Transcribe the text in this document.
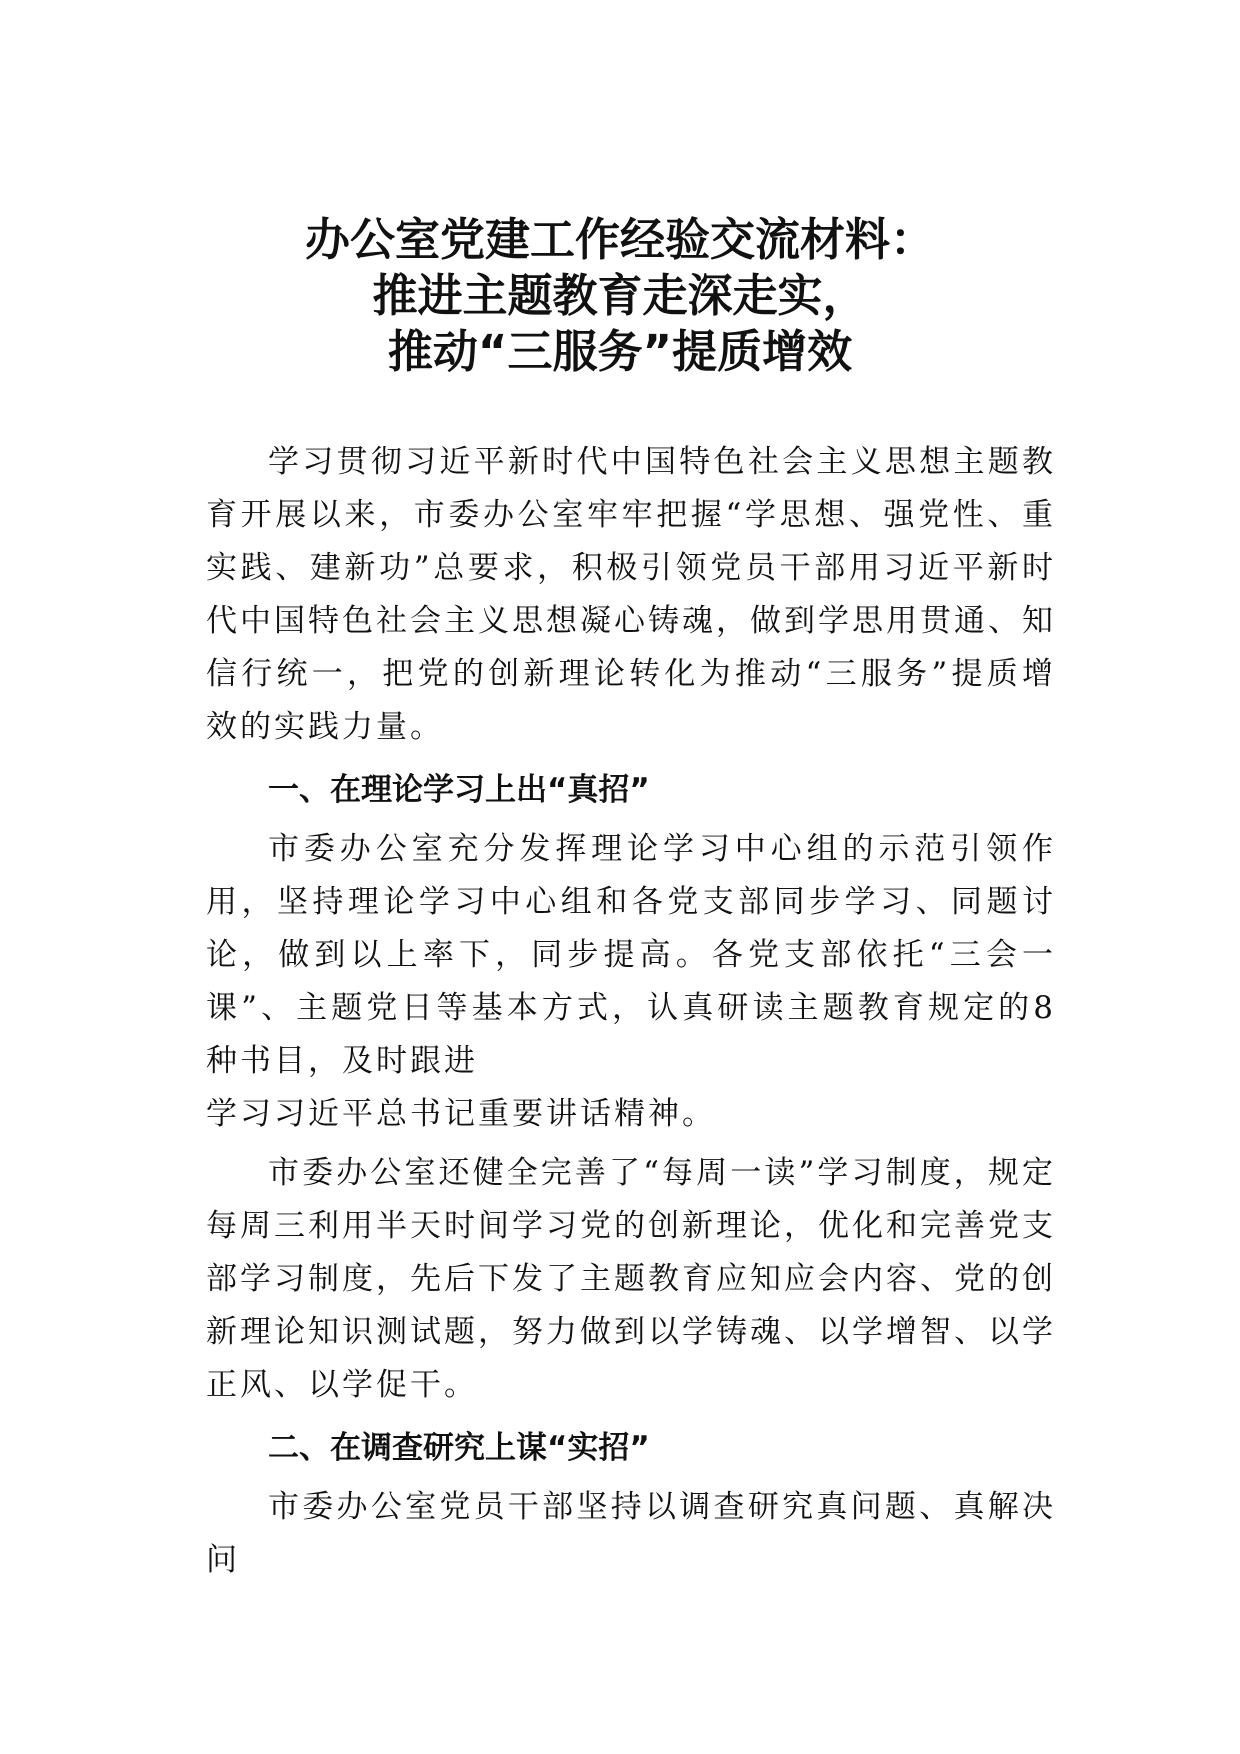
办公室党建工作经验交流材料：
推进主题教育走深走实，
推动“三服务”提质增效

学习贯彻习近平新时代中国特色社会主义思想主题教育开展以来，市委办公室牢牢把握“学思想、强党性、重实践、建新功”总要求，积极引领党员干部用习近平新时代中国特色社会主义思想凝心铸魂，做到学思用贯通、知信行统一，把党的创新理论转化为推动“三服务”提质增效的实践力量。

一、在理论学习上出“真招”

市委办公室充分发挥理论学习中心组的示范引领作用，坚持理论学习中心组和各党支部同步学习、同题讨论，做到以上率下，同步提高。各党支部依托“三会一课”、主题党日等基本方式，认真研读主题教育规定的8种书目，及时跟进

学习习近平总书记重要讲话精神。

市委办公室还健全完善了“每周一读”学习制度，规定每周三利用半天时间学习党的创新理论，优化和完善党支部学习制度，先后下发了主题教育应知应会内容、党的创新理论知识测试题，努力做到以学铸魂、以学增智、以学正风、以学促干。

二、在调查研究上谋“实招”

市委办公室党员干部坚持以调查研究真问题、真解决问
